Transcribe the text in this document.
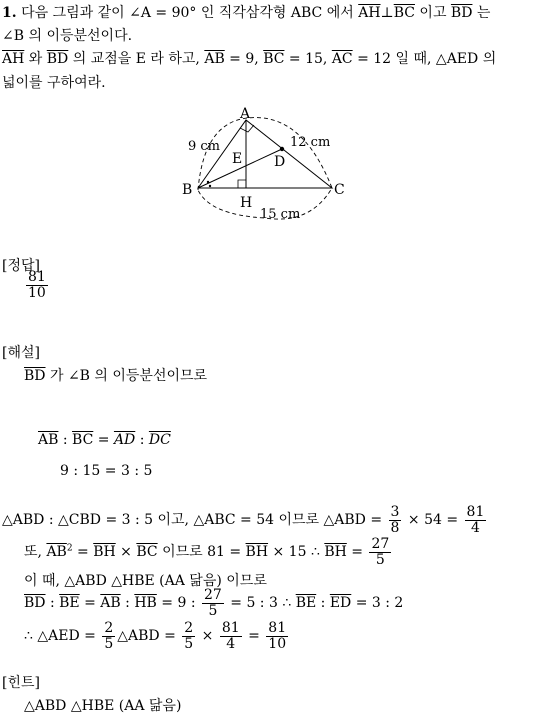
1. 다음 그림과 같이 ∠A = 90° 인 직각삼각형 ABC 에서 $\overline{AH}\perp\overline{BC}$ 이고 $\overline{BD}$ 는
∠B 의 이등분선이다.
$\overline{AH}$ 와 $\overline{BD}$ 의 교점을 E 라 하고, $\overline{AB} = 9$, $\overline{BC} = 15$, $\overline{AC} = 12$ 일 때, △AED 의
넓이를 구하여라.
A
B	C
D
E
H
9 cm	12 cm
15 cm
[정답]
$\frac{81}{10}$
[해설]
$\overline{BD}$ 가 ∠B 의 이등분선이므로
$\overline{AB}$ : $\overline{BC} = \overline{AD}$ : $\overline{DC}$
9 : 15 = 3 : 5
△ABD : △CBD = 3 : 5 이고, △ABC = 54 이므로 △ABD = $\frac{3}{8} \times 54 = \frac{81}{4}$
또, $\overline{AB}^2 = \overline{BH} \times \overline{BC}$ 이므로 $81 = \overline{BH} \times 15$ ∴ $\overline{BH} = \frac{27}{5}$
이 때, △ABD △HBE (AA 닮음) 이므로
$\overline{BD}$ : $\overline{BE} = \overline{AB}$ : $\overline{HB} = 9$ : $\frac{27}{5} = 5$ : 3 ∴ $\overline{BE}$ : $\overline{ED} = 3$ : 2
∴ △AED = $\frac{2}{5}$ △ABD = $\frac{2}{5} \times \frac{81}{4} = \frac{81}{10}$
[힌트]
△ABD △HBE (AA 닮음)
